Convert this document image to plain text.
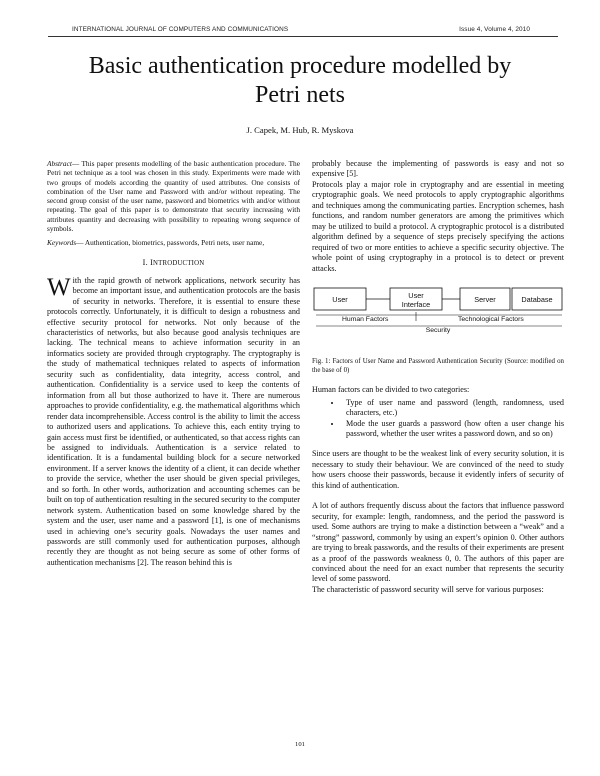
INTERNATIONAL JOURNAL OF COMPUTERS AND COMMUNICATIONS	Issue 4, Volume 4, 2010
Basic authentication procedure modelled by
Petri nets
J. Capek, M. Hub, R. Myskova

Abstract— This paper presents modelling of the basic authentication procedure. The Petri net technique as a tool was chosen in this study. Experiments were made with two groups of models according the quantity of used attributes. One consists of combination of the User name and Password with and/or without repeating. The second group consist of the user name, password and biometrics with and/or without repeating. The goal of this paper is to demonstrate that security increasing with attributes quantity and decreasing with possibility to repeating wrong sequence of symbols.

Keywords— Authentication, biometrics, passwords, Petri nets, user name,

I. INTRODUCTION

With the rapid growth of network applications, network security has become an important issue, and authentication protocols are the basis of security in networks. Therefore, it is essential to ensure these protocols correctly. Unfortunately, it is difficult to design a robustness and effective security protocol for networks. Not only because of the characteristics of networks, but also because good analysis techniques are lacking. The technical means to achieve information security in an informatics society are provided through cryptography. The cryptography is the study of mathematical techniques related to aspects of information security such as confidentiality, data integrity, access control, and authentication. Confidentiality is a service used to keep the contents of information from all but those authorized to have it. There are numerous approaches to provide confidentiality, e.g. the mathematical algorithms which render data incomprehensible. Access control is the ability to limit the access to authorized users and applications. To achieve this, each entity trying to gain access must first be identified, or authenticated, so that access rights can be assigned to individuals. Authentication is a service related to identification. It is a fundamental building block for a secure networked environment. If a server knows the identity of a client, it can decide whether to provide the service, whether the user should be given special privileges, and so forth. In other words, authorization and accounting schemes can be built on top of authentication resulting in the secured security to the computer network system. Authentication based on some knowledge shared by the system and the user, user name and a password [1], is one of mechanisms used in achieving one’s security goals. Nowadays the user names and passwords are still commonly used for authentication purposes, although recently they are thought as not being secure as some of other forms of authentication mechanisms [2]. The reason behind this is

probably because the implementing of passwords is easy and not so expensive [5].

Protocols play a major role in cryptography and are essential in meeting cryptographic goals. We need protocols to apply cryptographic algorithms and techniques among the communicating parties. Encryption schemes, hash functions, and random number generators are among the primitives which may be utilized to build a protocol. A cryptographic protocol is a distributed algorithm defined by a sequence of steps precisely specifying the actions required of two or more entities to achieve a specific security objective. The whole point of using cryptography in a protocol is to detect or prevent attacks.

User	User
Interface
Server	Database
Human Factors	Technological Factors
Security

Fig. 1: Factors of User Name and Password Authentication Security (Source: modified on the base of 0)

Human factors can be divided to two categories:

• Type of user name and password (length, randomness, used characters, etc.)
• Mode the user guards a password (how often a user change his password, whether the user writes a password down, and so on)

Since users are thought to be the weakest link of every security solution, it is necessary to study their behaviour. We are convinced of the need to study how users choose their passwords, because it evidently infers of security of this kind of authentication.

A lot of authors frequently discuss about the factors that influence password security, for example: length, randomness, and the period the password is used. Some authors are trying to make a distinction between a “weak” and a “strong” password, commonly by using an expert’s opinion 0. Other authors are trying to break passwords, and the results of their experiments are present as a proof of the passwords weakness 0, 0. The authors of this paper are convinced about the need for an exact number that represents the security level of some password.

The characteristic of password security will serve for various purposes:

101
